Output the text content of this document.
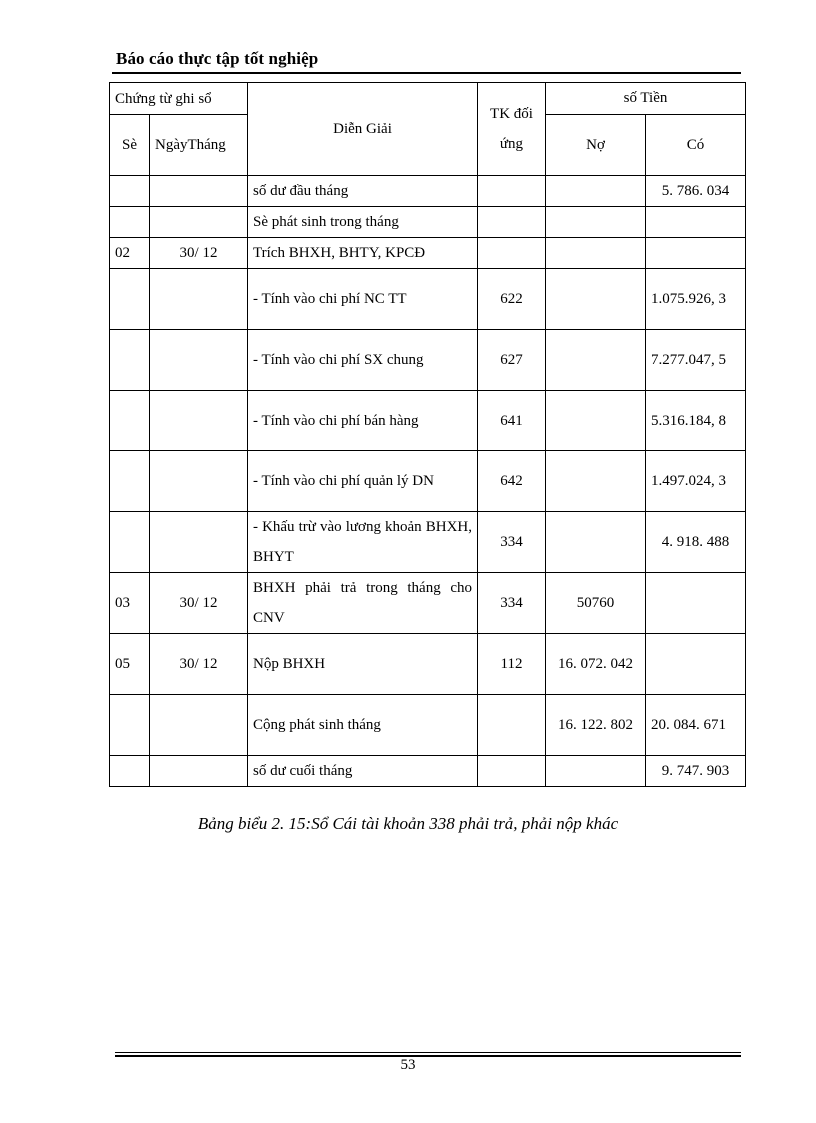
Báo cáo thực tập tốt nghiệp
Chứng từ ghi sổ		Diễn Giải	TK đối ứng	số Tiền	
Sè	NgàyTháng			Nợ	Có
		số dư đầu tháng			5. 786. 034
		Sè phát sinh trong tháng			
02	30/ 12	Trích BHXH, BHTY, KPCĐ			
		- Tính vào chi phí NC TT	622		1.075.926, 3
		- Tính vào chi phí SX chung	627		7.277.047, 5
		- Tính vào chi phí bán hàng	641		5.316.184, 8
		- Tính vào chi phí quản lý DN	642		1.497.024, 3
		- Khấu trừ vào lương khoản BHXH, BHYT	334		4. 918. 488
03	30/ 12	BHXH phải trả trong tháng cho CNV	334	50760	
05	30/ 12	Nộp BHXH	112	16. 072. 042	
		Cộng phát sinh tháng		16. 122. 802	20. 084. 671
		số dư cuối tháng			9. 747. 903
Bảng biểu 2. 15:Sổ Cái tài khoản 338 phải trả, phải nộp khác
53
